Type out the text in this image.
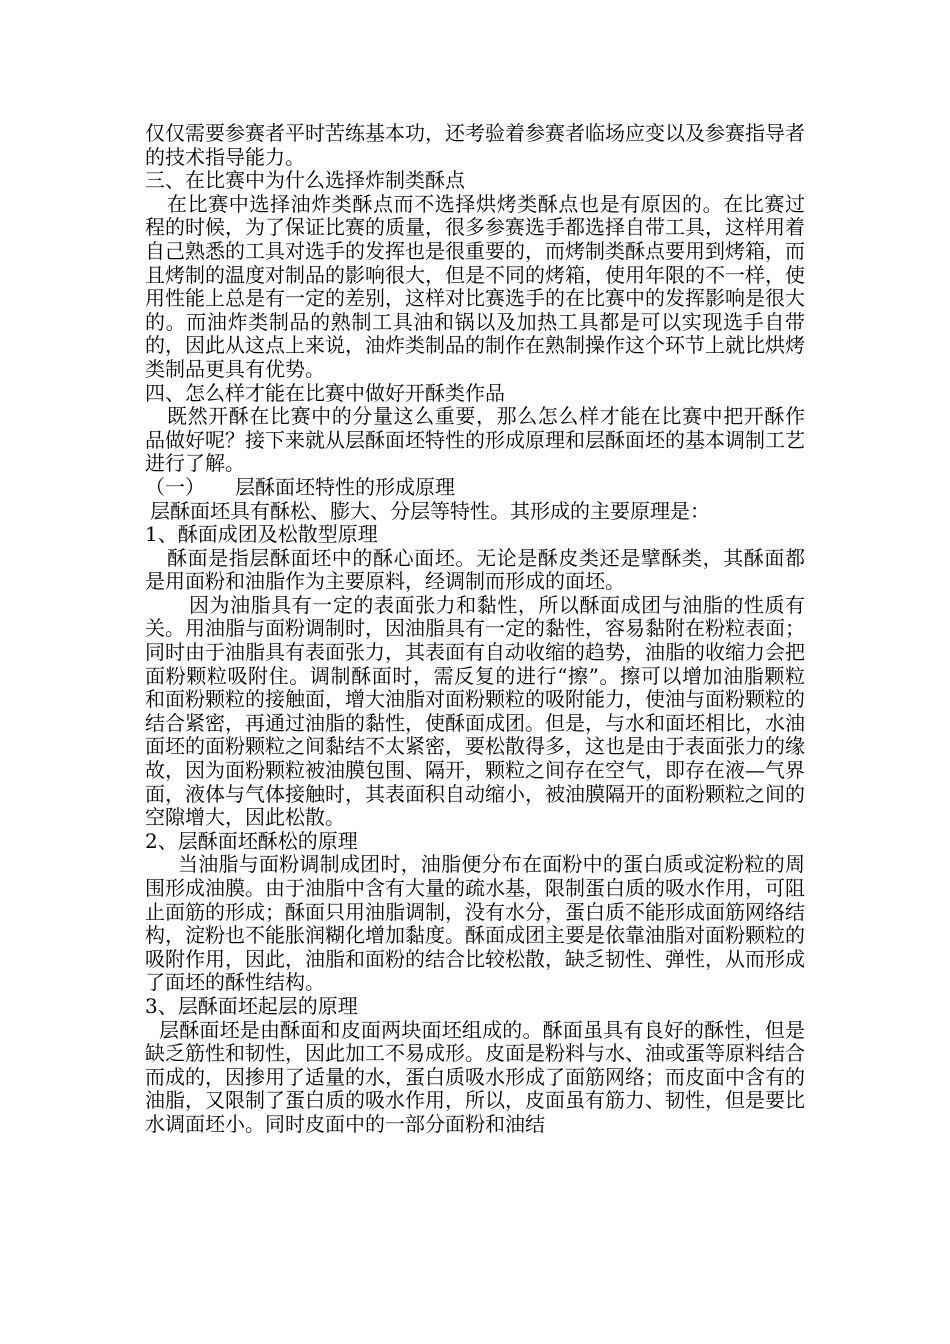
仅仅需要参赛者平时苦练基本功，还考验着参赛者临场应变以及参赛指导者的技术指导能力。

三、在比赛中为什么选择炸制类酥点

在比赛中选择油炸类酥点而不选择烘烤类酥点也是有原因的。在比赛过程的时候，为了保证比赛的质量，很多参赛选手都选择自带工具，这样用着自己熟悉的工具对选手的发挥也是很重要的，而烤制类酥点要用到烤箱，而且烤制的温度对制品的影响很大，但是不同的烤箱，使用年限的不一样，使用性能上总是有一定的差别，这样对比赛选手的在比赛中的发挥影响是很大的。而油炸类制品的熟制工具油和锅以及加热工具都是可以实现选手自带的，因此从这点上来说，油炸类制品的制作在熟制操作这个环节上就比烘烤类制品更具有优势。

四、怎么样才能在比赛中做好开酥类作品

既然开酥在比赛中的分量这么重要，那么怎么样才能在比赛中把开酥作品做好呢？接下来就从层酥面坯特性的形成原理和层酥面坯的基本调制工艺进行了解。

（一）　　层酥面坯特性的形成原理

层酥面坯具有酥松、膨大、分层等特性。其形成的主要原理是：

1、酥面成团及松散型原理

酥面是指层酥面坯中的酥心面坯。无论是酥皮类还是擘酥类，其酥面都是用面粉和油脂作为主要原料，经调制而形成的面坯。

因为油脂具有一定的表面张力和黏性，所以酥面成团与油脂的性质有关。用油脂与面粉调制时，因油脂具有一定的黏性，容易黏附在粉粒表面；同时由于油脂具有表面张力，其表面有自动收缩的趋势，油脂的收缩力会把面粉颗粒吸附住。调制酥面时，需反复的进行“擦”。擦可以增加油脂颗粒和面粉颗粒的接触面，增大油脂对面粉颗粒的吸附能力，使油与面粉颗粒的结合紧密，再通过油脂的黏性，使酥面成团。但是，与水和面坯相比，水油面坯的面粉颗粒之间黏结不太紧密，要松散得多，这也是由于表面张力的缘故，因为面粉颗粒被油膜包围、隔开，颗粒之间存在空气，即存在液—气界面，液体与气体接触时，其表面积自动缩小，被油膜隔开的面粉颗粒之间的空隙增大，因此松散。

2、层酥面坯酥松的原理

当油脂与面粉调制成团时，油脂便分布在面粉中的蛋白质或淀粉粒的周围形成油膜。由于油脂中含有大量的疏水基，限制蛋白质的吸水作用，可阻止面筋的形成；酥面只用油脂调制，没有水分，蛋白质不能形成面筋网络结构，淀粉也不能胀润糊化增加黏度。酥面成团主要是依靠油脂对面粉颗粒的吸附作用，因此，油脂和面粉的结合比较松散，缺乏韧性、弹性，从而形成了面坯的酥性结构。

3、层酥面坯起层的原理

层酥面坯是由酥面和皮面两块面坯组成的。酥面虽具有良好的酥性，但是缺乏筋性和韧性，因此加工不易成形。皮面是粉料与水、油或蛋等原料结合而成的，因掺用了适量的水，蛋白质吸水形成了面筋网络；而皮面中含有的油脂，又限制了蛋白质的吸水作用，所以，皮面虽有筋力、韧性，但是要比水调面坯小。同时皮面中的一部分面粉和油结
